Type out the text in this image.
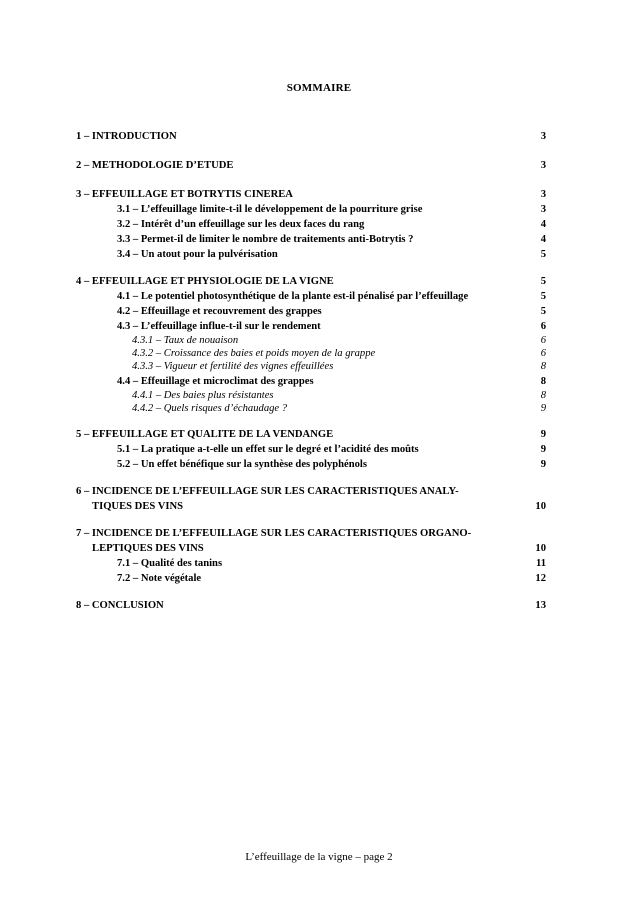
SOMMAIRE
1 – INTRODUCTION	3
2 – METHODOLOGIE D’ETUDE	3
3 – EFFEUILLAGE ET BOTRYTIS CINEREA	3
3.1 – L’effeuillage limite-t-il le développement de la pourriture grise	3
3.2 – Intérêt d’un effeuillage sur les deux faces du rang	4
3.3 – Permet-il de limiter le nombre de traitements anti-Botrytis ?	4
3.4 – Un atout pour la pulvérisation	5
4 – EFFEUILLAGE ET PHYSIOLOGIE DE LA VIGNE	5
4.1 – Le potentiel photosynthétique de la plante est-il pénalisé par l’effeuillage	5
4.2 – Effeuillage et recouvrement des grappes	5
4.3 – L’effeuillage influe-t-il sur le rendement	6
4.3.1 – Taux de nouaison	6
4.3.2 – Croissance des baies et poids moyen de la grappe	6
4.3.3 – Vigueur et fertilité des vignes effeuillées	8
4.4 – Effeuillage et microclimat des grappes	8
4.4.1 – Des baies plus résistantes	8
4.4.2 – Quels risques d’échaudage ?	9
5 – EFFEUILLAGE ET QUALITE DE LA VENDANGE	9
5.1 – La pratique a-t-elle un effet sur le degré et l’acidité des moûts	9
5.2 – Un effet bénéfique sur la synthèse des polyphénols	9
6 – INCIDENCE DE L’EFFEUILLAGE SUR LES CARACTERISTIQUES ANALY- TIQUES DES VINS	10
7 – INCIDENCE DE L’EFFEUILLAGE SUR LES CARACTERISTIQUES ORGANO- LEPTIQUES DES VINS	10
7.1 – Qualité des tanins	11
7.2 – Note végétale	12
8 – CONCLUSION	13
L’effeuillage de la vigne – page 2
